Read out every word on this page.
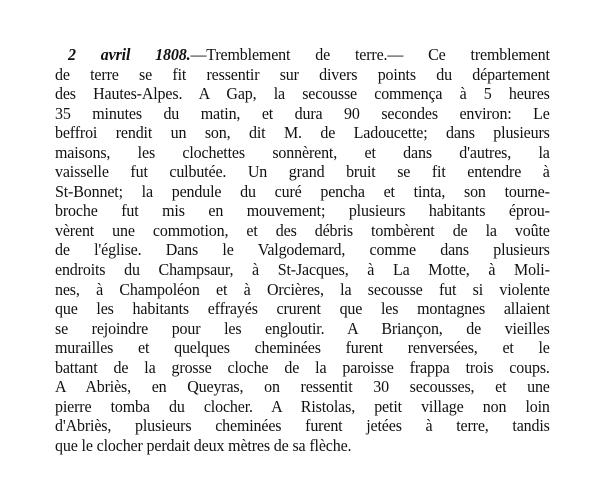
2 avril 1808.—Tremblement de terre.— Ce tremblement
de terre se fit ressentir sur divers points du département
des Hautes-Alpes. A Gap, la secousse commença à 5 heures
35 minutes du matin, et dura 90 secondes environ: Le
beffroi rendit un son, dit M. de Ladoucette; dans plusieurs
maisons, les clochettes sonnèrent, et dans d'autres, la
vaisselle fut culbutée. Un grand bruit se fit entendre à
St-Bonnet; la pendule du curé pencha et tinta, son tourne-
broche fut mis en mouvement; plusieurs habitants éprou-
vèrent une commotion, et des débris tombèrent de la voûte
de l'église. Dans le Valgodemard, comme dans plusieurs
endroits du Champsaur, à St-Jacques, à La Motte, à Moli-
nes, à Champoléon et à Orcières, la secousse fut si violente
que les habitants effrayés crurent que les montagnes allaient
se rejoindre pour les engloutir. A Briançon, de vieilles
murailles et quelques cheminées furent renversées, et le
battant de la grosse cloche de la paroisse frappa trois coups.
A Abriès, en Queyras, on ressentit 30 secousses, et une
pierre tomba du clocher. A Ristolas, petit village non loin
d'Abriès, plusieurs cheminées furent jetées à terre, tandis
que le clocher perdait deux mètres de sa flèche.
